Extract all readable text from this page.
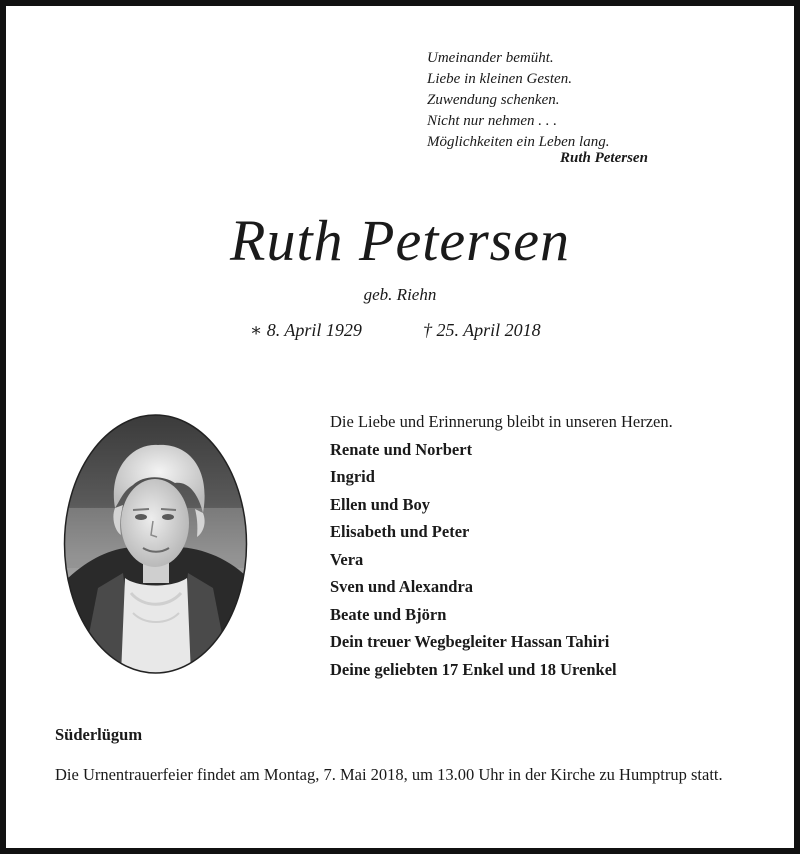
Umeinander bemüht.
Liebe in kleinen Gesten.
Zuwendung schenken.
Nicht nur nehmen . . .
Möglichkeiten ein Leben lang.
Ruth Petersen
Ruth Petersen
geb. Riehn
∗ 8. April 1929	† 25. April 2018
Die Liebe und Erinnerung bleibt in unseren Herzen.
Renate und Norbert
Ingrid
Ellen und Boy
Elisabeth und Peter
Vera
Sven und Alexandra
Beate und Björn
Dein treuer Wegbegleiter Hassan Tahiri
Deine geliebten 17 Enkel und 18 Urenkel
Süderlügum
Die Urnentrauerfeier findet am Montag, 7. Mai 2018, um 13.00 Uhr in der Kirche zu Humptrup statt.
